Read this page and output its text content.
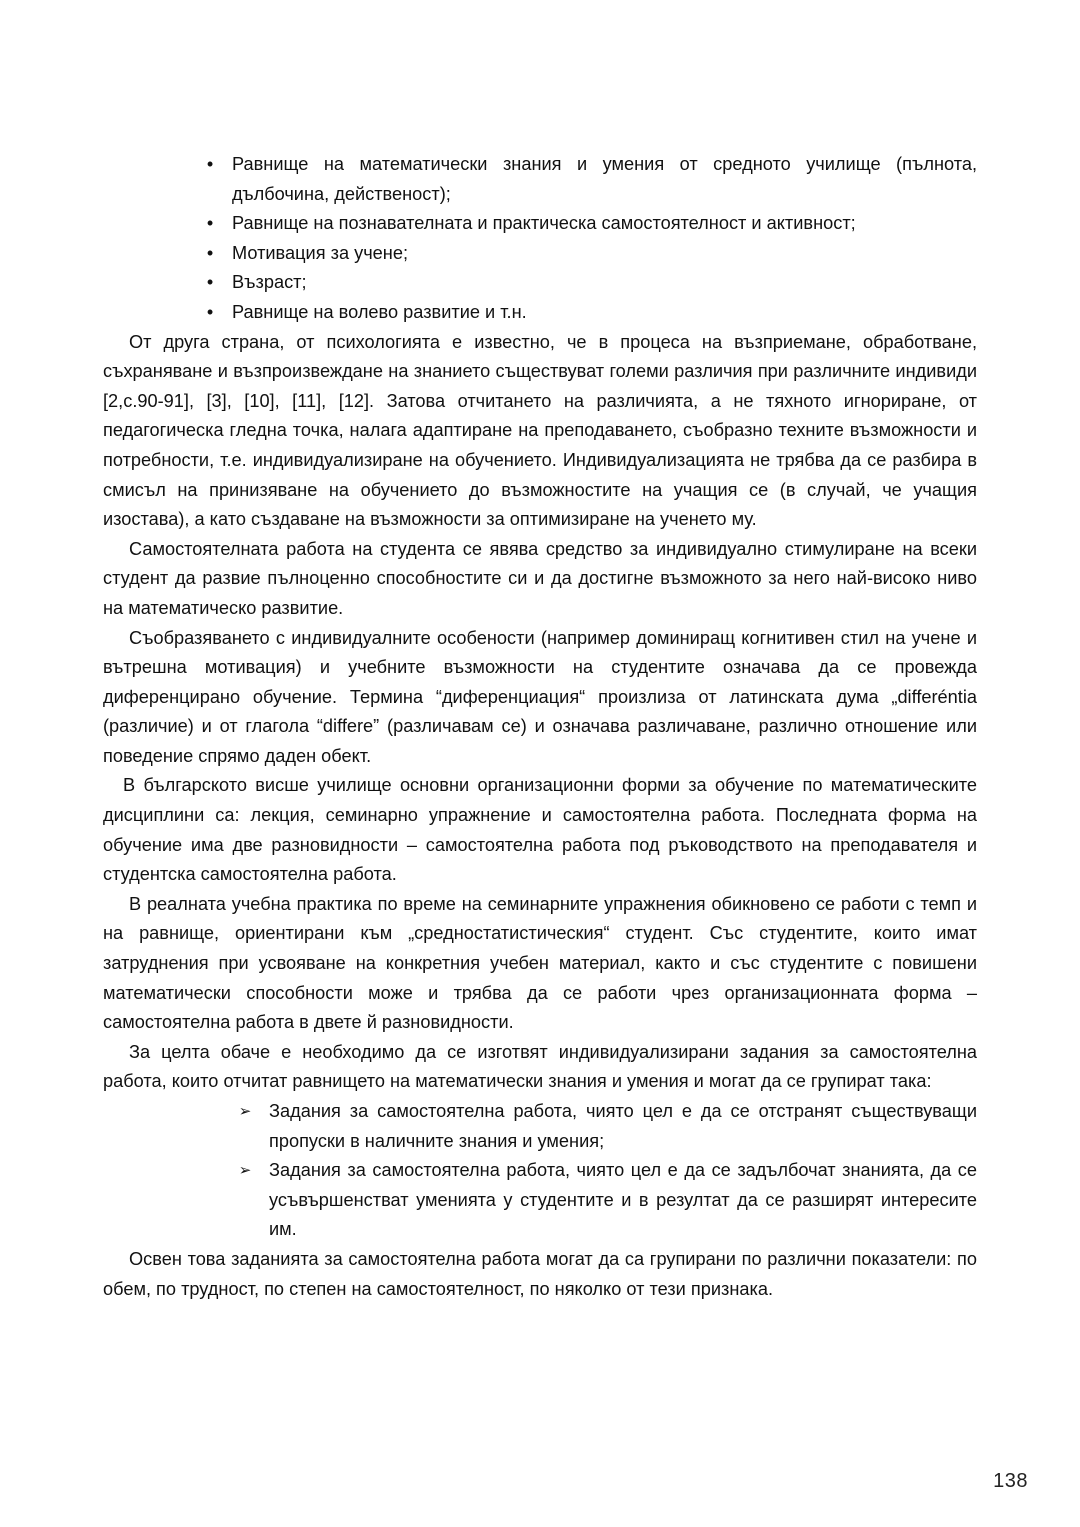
• Равнище на математически знания и умения от средното училище (пълнота, дълбочина, действеност);
• Равнище на познавателната и практическа самостоятелност и активност;
• Мотивация за учене;
• Възраст;
• Равнище на волево развитие и т.н.

От друга страна, от психологията е известно, че в процеса на възприемане, обработване, съхраняване и възпроизвеждане на знанието съществуват големи различия при различните индивиди [2,с.90-91], [3], [10], [11], [12]. Затова отчитането на различията, а не тяхното игнориране, от педагогическа гледна точка, налага адаптиране на преподаването, съобразно техните възможности и потребности, т.е. индивидуализиране на обучението. Индивидуализацията не трябва да се разбира в смисъл на принизяване на обучението до възможностите на учащия се (в случай, че учащия изостава), а като създаване на възможности за оптимизиране на ученето му.

Самостоятелната работа на студента се явява средство за индивидуално стимулиране на всеки студент да развие пълноценно способностите си и да достигне възможното за него най-високо ниво на математическо развитие.

Съобразяването с индивидуалните особености (например доминиращ когнитивен стил на учене и вътрешна мотивация) и учебните възможности на студентите означава да се провежда диференцирано обучение. Термина “диференциация“ произлиза от латинската дума „differéntia (различие) и от глагола “differe” (различавам се) и означава различаване, различно отношение или поведение спрямо даден обект.

В българското висше училище основни организационни форми за обучение по математическите дисциплини са: лекция, семинарно упражнение и самостоятелна работа. Последната форма на обучение има две разновидности – самостоятелна работа под ръководството на преподавателя и студентска самостоятелна работа.

В реалната учебна практика по време на семинарните упражнения обикновено се работи с темп и на равнище, ориентирани към „средностатистическия“ студент. Със студентите, които имат затруднения при усвояване на конкретния учебен материал, както и със студентите с повишени математически способности може и трябва да се работи чрез организационната форма – самостоятелна работа в двете й разновидности.

За целта обаче е необходимо да се изготвят индивидуализирани задания за самостоятелна работа, които отчитат равнището на математически знания и умения и могат да се групират така:

➢ Задания за самостоятелна работа, чиято цел е да се отстранят съществуващи пропуски в наличните знания и умения;
➢ Задания за самостоятелна работа, чиято цел е да се задълбочат знанията, да се усъвършенстват уменията у студентите и в резултат да се разширят интересите им.

Освен това заданията за самостоятелна работа могат да са групирани по различни показатели: по обем, по трудност, по степен на самостоятелност, по няколко от тези признака.

138
